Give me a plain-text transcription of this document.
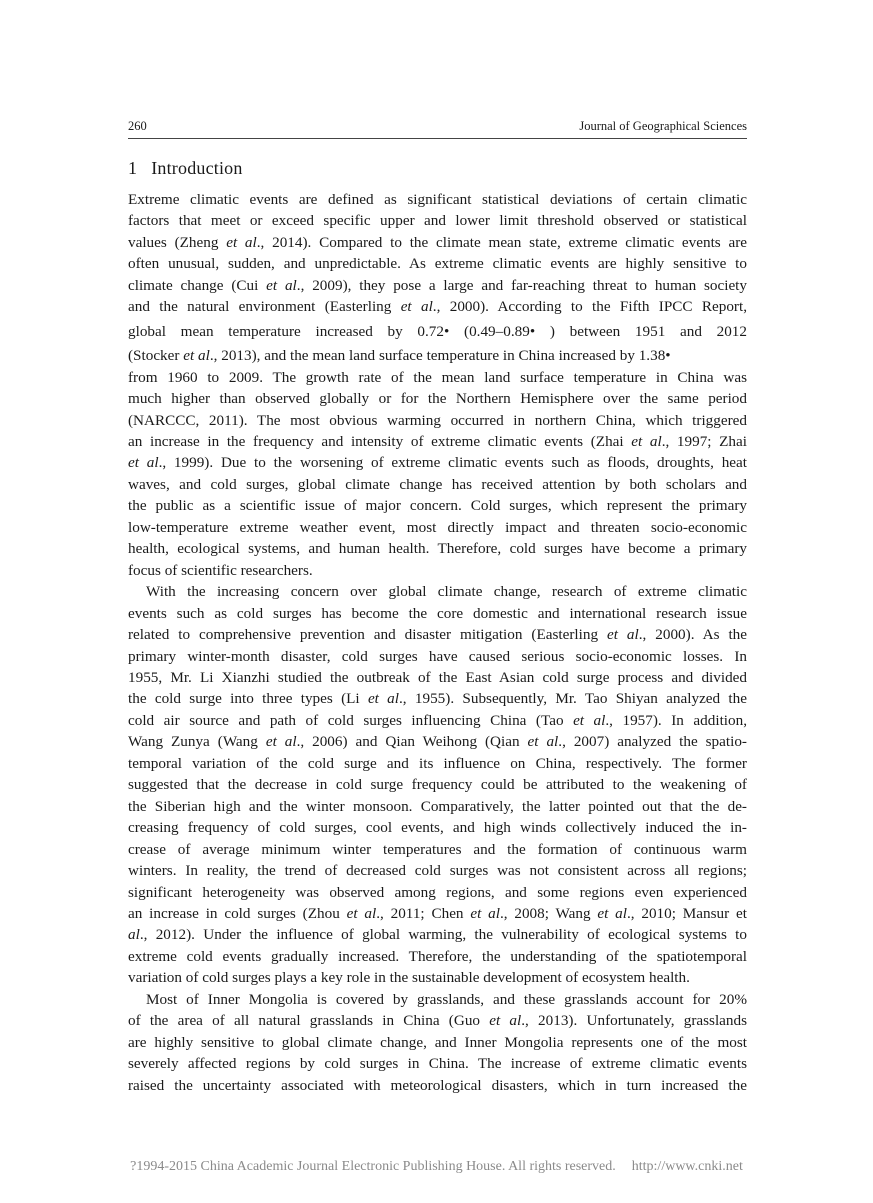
260	Journal of Geographical Sciences
1 Introduction
Extreme climatic events are defined as significant statistical deviations of certain climatic
factors that meet or exceed specific upper and lower limit threshold observed or statistical
values (Zheng et al., 2014). Compared to the climate mean state, extreme climatic events are
often unusual, sudden, and unpredictable. As extreme climatic events are highly sensitive to
climate change (Cui et al., 2009), they pose a large and far-reaching threat to human society
and the natural environment (Easterling et al., 2000). According to the Fifth IPCC Report,
global mean temperature increased by 0.72• (0.49–0.89• ) between 1951 and 2012
(Stocker et al., 2013), and the mean land surface temperature in China increased by 1.38•
from 1960 to 2009. The growth rate of the mean land surface temperature in China was
much higher than observed globally or for the Northern Hemisphere over the same period
(NARCCC, 2011). The most obvious warming occurred in northern China, which triggered
an increase in the frequency and intensity of extreme climatic events (Zhai et al., 1997; Zhai
et al., 1999). Due to the worsening of extreme climatic events such as floods, droughts, heat
waves, and cold surges, global climate change has received attention by both scholars and
the public as a scientific issue of major concern. Cold surges, which represent the primary
low-temperature extreme weather event, most directly impact and threaten socio-economic
health, ecological systems, and human health. Therefore, cold surges have become a primary
focus of scientific researchers.
With the increasing concern over global climate change, research of extreme climatic
events such as cold surges has become the core domestic and international research issue
related to comprehensive prevention and disaster mitigation (Easterling et al., 2000). As the
primary winter-month disaster, cold surges have caused serious socio-economic losses. In
1955, Mr. Li Xianzhi studied the outbreak of the East Asian cold surge process and divided
the cold surge into three types (Li et al., 1955). Subsequently, Mr. Tao Shiyan analyzed the
cold air source and path of cold surges influencing China (Tao et al., 1957). In addition,
Wang Zunya (Wang et al., 2006) and Qian Weihong (Qian et al., 2007) analyzed the spatio-
temporal variation of the cold surge and its influence on China, respectively. The former
suggested that the decrease in cold surge frequency could be attributed to the weakening of
the Siberian high and the winter monsoon. Comparatively, the latter pointed out that the de-
creasing frequency of cold surges, cool events, and high winds collectively induced the in-
crease of average minimum winter temperatures and the formation of continuous warm
winters. In reality, the trend of decreased cold surges was not consistent across all regions;
significant heterogeneity was observed among regions, and some regions even experienced
an increase in cold surges (Zhou et al., 2011; Chen et al., 2008; Wang et al., 2010; Mansur et
al., 2012). Under the influence of global warming, the vulnerability of ecological systems to
extreme cold events gradually increased. Therefore, the understanding of the spatiotemporal
variation of cold surges plays a key role in the sustainable development of ecosystem health.
Most of Inner Mongolia is covered by grasslands, and these grasslands account for 20%
of the area of all natural grasslands in China (Guo et al., 2013). Unfortunately, grasslands
are highly sensitive to global climate change, and Inner Mongolia represents one of the most
severely affected regions by cold surges in China. The increase of extreme climatic events
raised the uncertainty associated with meteorological disasters, which in turn increased the
?1994-2015 China Academic Journal Electronic Publishing House. All rights reserved. http://www.cnki.net
